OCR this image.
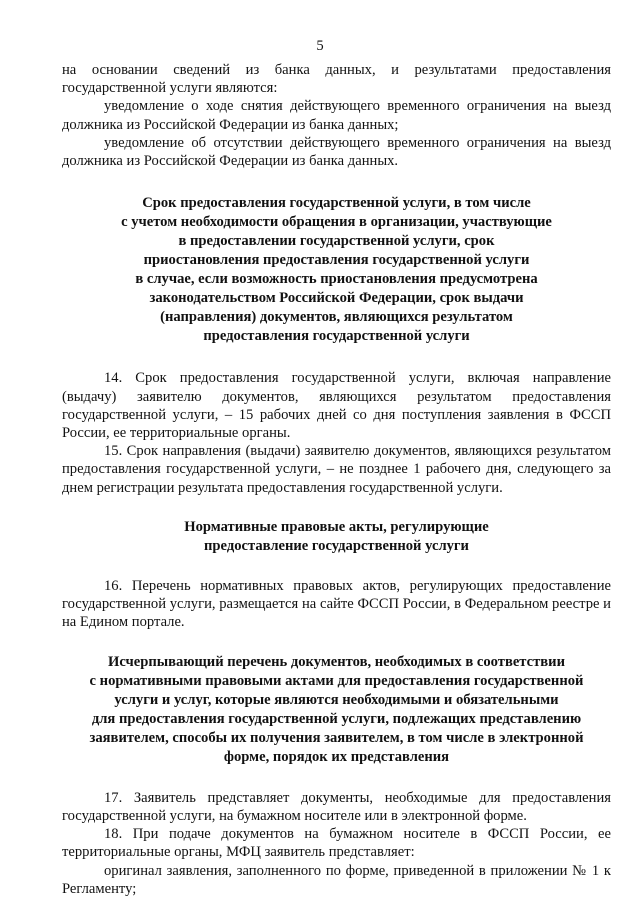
5

на основании сведений из банка данных, и результатами предоставления государственной услуги являются:

уведомление о ходе снятия действующего временного ограничения на выезд должника из Российской Федерации из банка данных;

уведомление об отсутствии действующего временного ограничения на выезд должника из Российской Федерации из банка данных.

Срок предоставления государственной услуги, в том числе
с учетом необходимости обращения в организации, участвующие
в предоставлении государственной услуги, срок
приостановления предоставления государственной услуги
в случае, если возможность приостановления предусмотрена
законодательством Российской Федерации, срок выдачи
(направления) документов, являющихся результатом
предоставления государственной услуги

14. Срок предоставления государственной услуги, включая направление (выдачу) заявителю документов, являющихся результатом предоставления государственной услуги, – 15 рабочих дней со дня поступления заявления в ФССП России, ее территориальные органы.

15. Срок направления (выдачи) заявителю документов, являющихся результатом предоставления государственной услуги, – не позднее 1 рабочего дня, следующего за днем регистрации результата предоставления государственной услуги.

Нормативные правовые акты, регулирующие
предоставление государственной услуги

16. Перечень нормативных правовых актов, регулирующих предоставление государственной услуги, размещается на сайте ФССП России, в Федеральном реестре и на Едином портале.

Исчерпывающий перечень документов, необходимых в соответствии
с нормативными правовыми актами для предоставления государственной
услуги и услуг, которые являются необходимыми и обязательными
для предоставления государственной услуги, подлежащих представлению
заявителем, способы их получения заявителем, в том числе в электронной
форме, порядок их представления

17. Заявитель представляет документы, необходимые для предоставления государственной услуги, на бумажном носителе или в электронной форме.

18. При подаче документов на бумажном носителе в ФССП России, ее территориальные органы, МФЦ заявитель представляет:

оригинал заявления, заполненного по форме, приведенной в приложении № 1 к Регламенту;
